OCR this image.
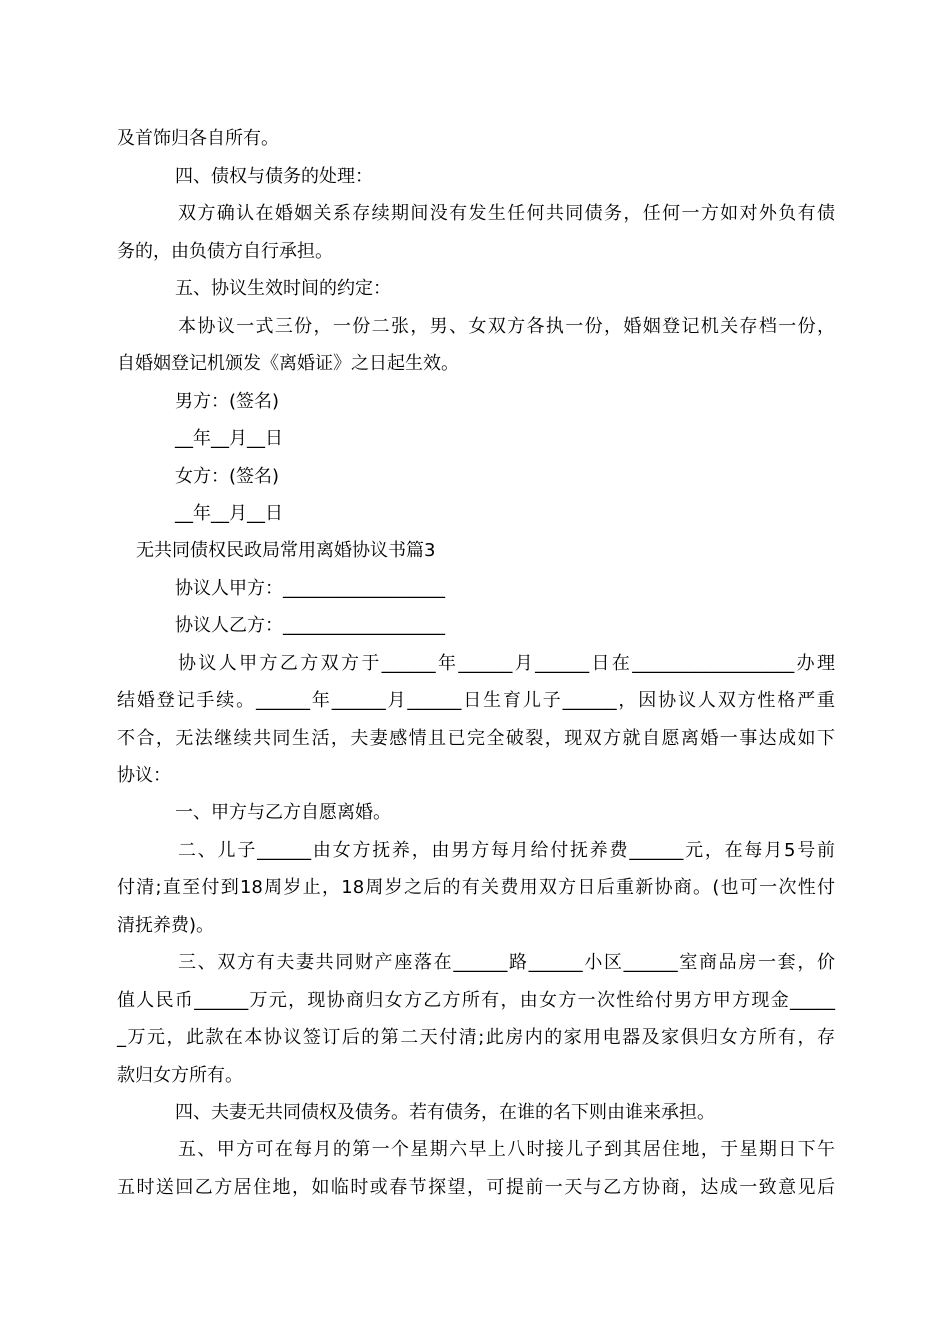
及首饰归各自所有。
四、债权与债务的处理：
双方确认在婚姻关系存续期间没有发生任何共同债务，任何一方如对外负有债
务的，由负债方自行承担。
五、协议生效时间的约定：
本协议一式三份，一份二张，男、女双方各执一份，婚姻登记机关存档一份，
自婚姻登记机颁发《离婚证》之日起生效。
男方：(签名)
__年__月__日
女方：(签名)
__年__月__日
无共同债权民政局常用离婚协议书篇3
协议人甲方：__________________
协议人乙方：__________________
协议人甲方乙方双方于______年______月______日在__________________办理
结婚登记手续。______年______月______日生育儿子______，因协议人双方性格严重
不合，无法继续共同生活，夫妻感情且已完全破裂，现双方就自愿离婚一事达成如下
协议：
一、甲方与乙方自愿离婚。
二、儿子______由女方抚养，由男方每月给付抚养费______元，在每月5号前
付清;直至付到18周岁止，18周岁之后的有关费用双方日后重新协商。(也可一次性付
清抚养费)。
三、双方有夫妻共同财产座落在______路______小区______室商品房一套，价
值人民币______万元，现协商归女方乙方所有，由女方一次性给付男方甲方现金_____
_万元，此款在本协议签订后的第二天付清;此房内的家用电器及家俱归女方所有，存
款归女方所有。
四、夫妻无共同债权及债务。若有债务，在谁的名下则由谁来承担。
五、甲方可在每月的第一个星期六早上八时接儿子到其居住地，于星期日下午
五时送回乙方居住地，如临时或春节探望，可提前一天与乙方协商，达成一致意见后
